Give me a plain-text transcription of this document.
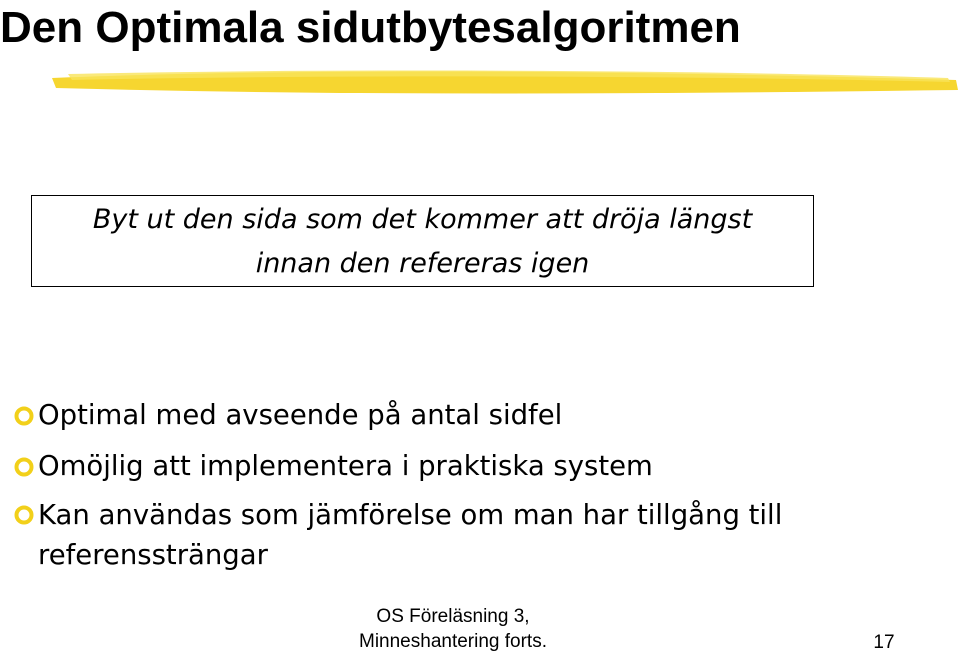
Den Optimala sidutbytesalgoritmen
Byt ut den sida som det kommer att dröja längst
innan den refereras igen
Optimal med avseende på antal sidfel
Omöjlig att implementera i praktiska system
Kan användas som jämförelse om man har tillgång till referenssträngar
OS Föreläsning 3,
Minneshantering forts.	17
